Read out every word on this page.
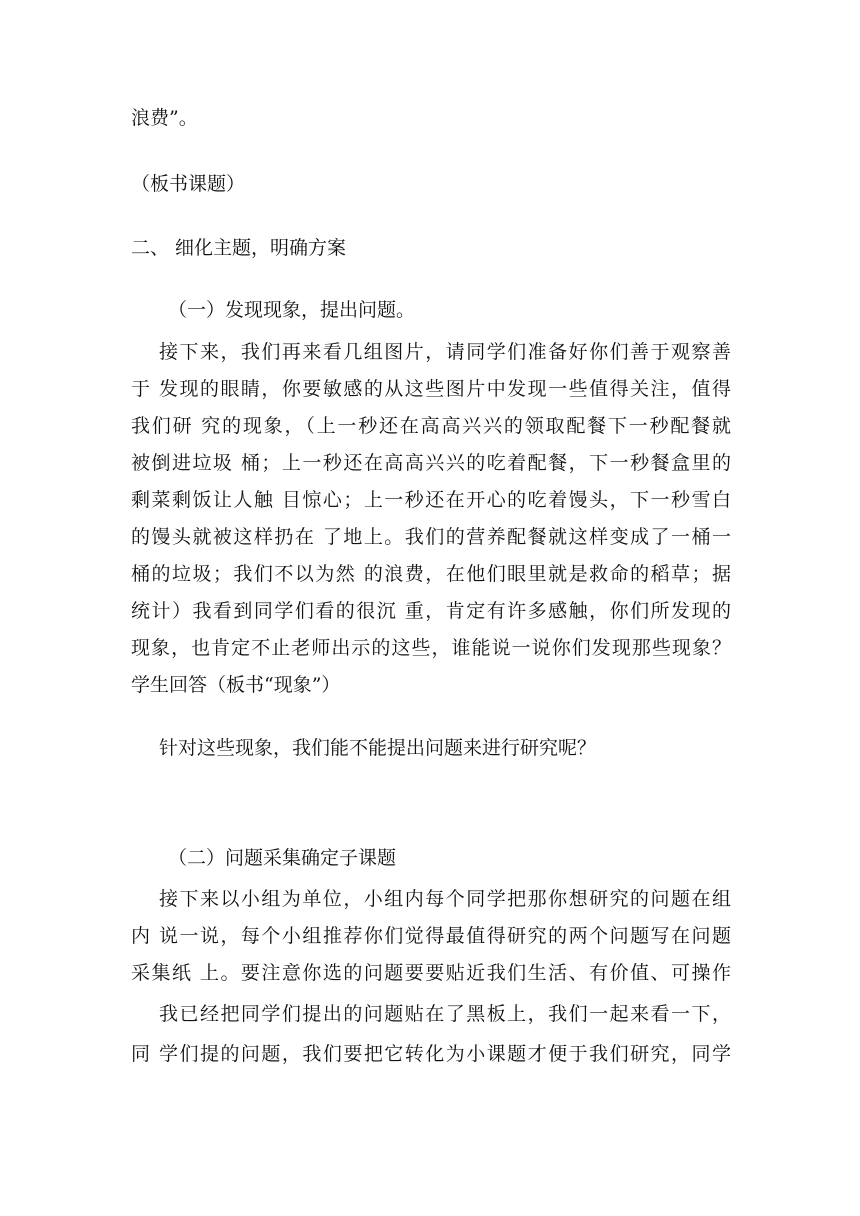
浪费”。
（板书课题）
二、 细化主题，明确方案
（一）发现现象，提出问题。
接下来，我们再来看几组图片，请同学们准备好你们善于观察善
于 发现的眼睛，你要敏感的从这些图片中发现一些值得关注，值得
我们研 究的现象，（上一秒还在高高兴兴的领取配餐下一秒配餐就
被倒进垃圾 桶；上一秒还在高高兴兴的吃着配餐，下一秒餐盒里的
剩菜剩饭让人触 目惊心；上一秒还在开心的吃着馒头，下一秒雪白
的馒头就被这样扔在 了地上。我们的营养配餐就这样变成了一桶一
桶的垃圾；我们不以为然 的浪费，在他们眼里就是救命的稻草；据
统计）我看到同学们看的很沉 重，肯定有许多感触，你们所发现的
现象，也肯定不止老师出示的这些，谁能说一说你们发现那些现象？
学生回答（板书“现象”）
针对这些现象，我们能不能提出问题来进行研究呢？
（二）问题采集确定子课题
接下来以小组为单位，小组内每个同学把那你想研究的问题在组
内 说一说，每个小组推荐你们觉得最值得研究的两个问题写在问题
采集纸 上。要注意你选的问题要要贴近我们生活、有价值、可操作
我已经把同学们提出的问题贴在了黑板上，我们一起来看一下，
同 学们提的问题，我们要把它转化为小课题才便于我们研究，同学
